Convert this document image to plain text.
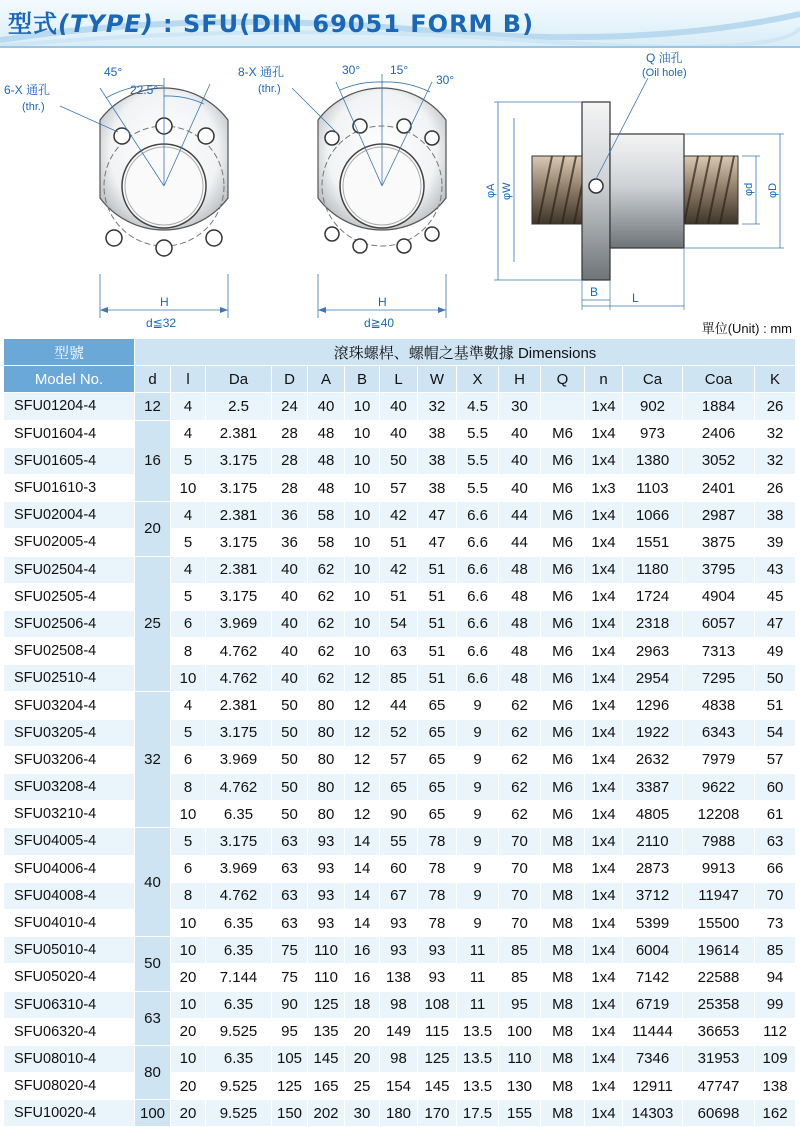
型式(TYPE) : SFU(DIN 69051 FORM B)
45°
22.5°
6-X 通孔
(thr.)
H
d≦32
30° 15°
30°
8-X 通孔
(thr.)
H
d≧40
Q 油孔
(Oil hole)
φA φW	φd φD
B	L
單位(Unit) : mm
型號	滾珠螺桿、螺帽之基準數據 Dimensions														
Model No.	d	l	Da	D	A	B	L	W	X	H	Q	n	Ca	Coa	K
SFU01204-4	12	4	2.5	24	40	10	40	32	4.5	30		1x4	902	1884	26
SFU01604-4	16	4	2.381	28	48	10	40	38	5.5	40	M6	1x4	973	2406	32
SFU01605-4		5	3.175	28	48	10	50	38	5.5	40	M6	1x4	1380	3052	32
SFU01610-3		10	3.175	28	48	10	57	38	5.5	40	M6	1x3	1103	2401	26
SFU02004-4	20	4	2.381	36	58	10	42	47	6.6	44	M6	1x4	1066	2987	38
SFU02005-4		5	3.175	36	58	10	51	47	6.6	44	M6	1x4	1551	3875	39
SFU02504-4	25	4	2.381	40	62	10	42	51	6.6	48	M6	1x4	1180	3795	43
SFU02505-4		5	3.175	40	62	10	51	51	6.6	48	M6	1x4	1724	4904	45
SFU02506-4		6	3.969	40	62	10	54	51	6.6	48	M6	1x4	2318	6057	47
SFU02508-4		8	4.762	40	62	10	63	51	6.6	48	M6	1x4	2963	7313	49
SFU02510-4		10	4.762	40	62	12	85	51	6.6	48	M6	1x4	2954	7295	50
SFU03204-4	32	4	2.381	50	80	12	44	65	9	62	M6	1x4	1296	4838	51
SFU03205-4		5	3.175	50	80	12	52	65	9	62	M6	1x4	1922	6343	54
SFU03206-4		6	3.969	50	80	12	57	65	9	62	M6	1x4	2632	7979	57
SFU03208-4		8	4.762	50	80	12	65	65	9	62	M6	1x4	3387	9622	60
SFU03210-4		10	6.35	50	80	12	90	65	9	62	M6	1x4	4805	12208	61
SFU04005-4	40	5	3.175	63	93	14	55	78	9	70	M8	1x4	2110	7988	63
SFU04006-4		6	3.969	63	93	14	60	78	9	70	M8	1x4	2873	9913	66
SFU04008-4		8	4.762	63	93	14	67	78	9	70	M8	1x4	3712	11947	70
SFU04010-4		10	6.35	63	93	14	93	78	9	70	M8	1x4	5399	15500	73
SFU05010-4	50	10	6.35	75	110	16	93	93	11	85	M8	1x4	6004	19614	85
SFU05020-4		20	7.144	75	110	16	138	93	11	85	M8	1x4	7142	22588	94
SFU06310-4	63	10	6.35	90	125	18	98	108	11	95	M8	1x4	6719	25358	99
SFU06320-4		20	9.525	95	135	20	149	115	13.5	100	M8	1x4	11444	36653	112
SFU08010-4	80	10	6.35	105	145	20	98	125	13.5	110	M8	1x4	7346	31953	109
SFU08020-4		20	9.525	125	165	25	154	145	13.5	130	M8	1x4	12911	47747	138
SFU10020-4	100	20	9.525	150	202	30	180	170	17.5	155	M8	1x4	14303	60698	162
